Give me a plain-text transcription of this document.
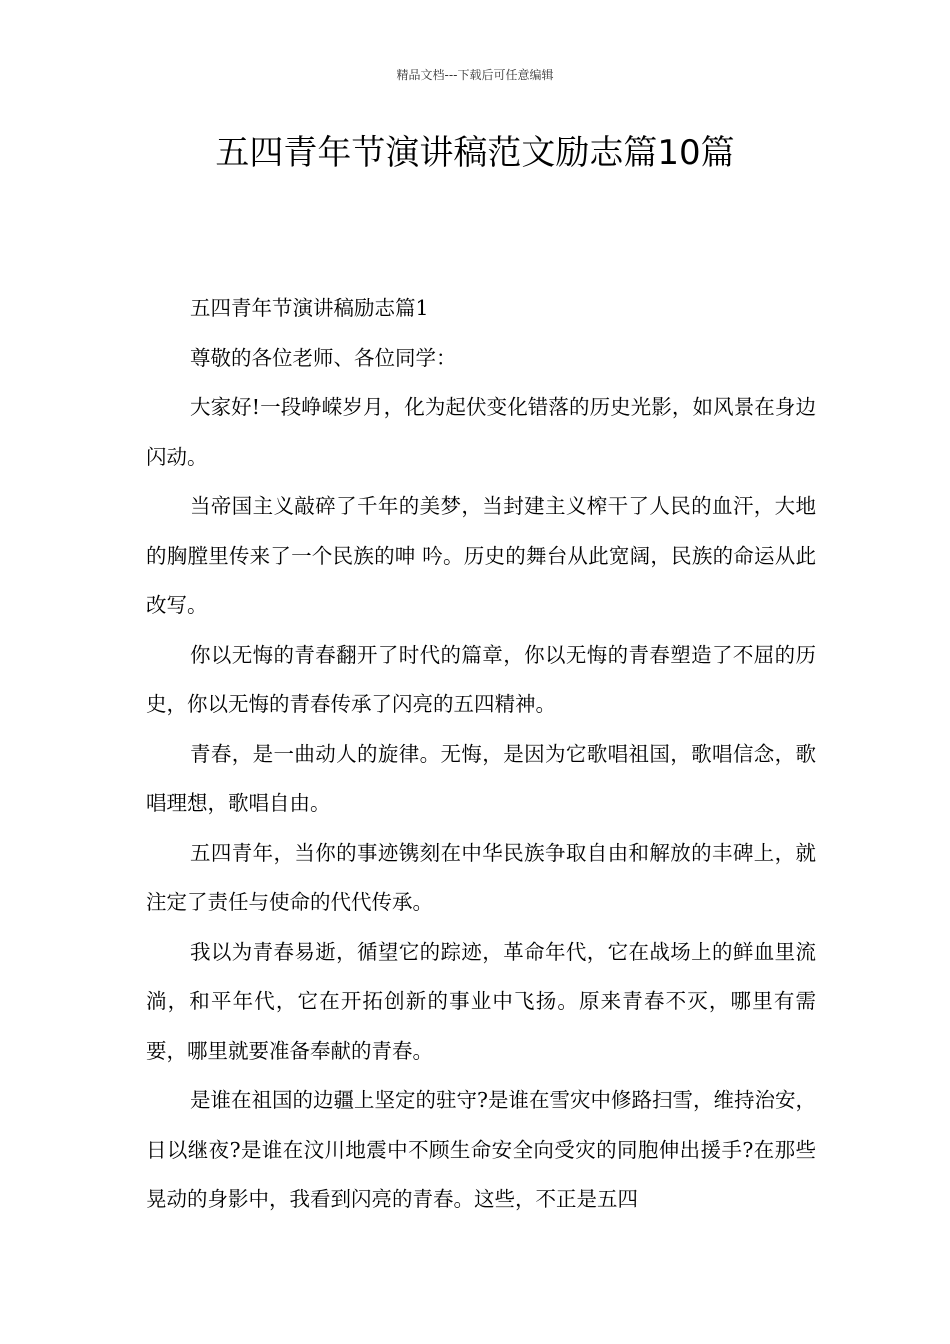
精品文档---下载后可任意编辑
五四青年节演讲稿范文励志篇10篇

五四青年节演讲稿励志篇1

尊敬的各位老师、各位同学：

大家好!一段峥嵘岁月，化为起伏变化错落的历史光影，如风景在身边闪动。

当帝国主义敲碎了千年的美梦，当封建主义榨干了人民的血汗，大地的胸膛里传来了一个民族的呻 吟。历史的舞台从此宽阔，民族的命运从此改写。

你以无悔的青春翻开了时代的篇章，你以无悔的青春塑造了不屈的历史，你以无悔的青春传承了闪亮的五四精神。

青春，是一曲动人的旋律。无悔，是因为它歌唱祖国，歌唱信念，歌唱理想，歌唱自由。

五四青年，当你的事迹镌刻在中华民族争取自由和解放的丰碑上，就注定了责任与使命的代代传承。

我以为青春易逝，循望它的踪迹，革命年代，它在战场上的鲜血里流淌，和平年代，它在开拓创新的事业中飞扬。原来青春不灭，哪里有需要，哪里就要准备奉献的青春。

是谁在祖国的边疆上坚定的驻守?是谁在雪灾中修路扫雪，维持治安，日以继夜?是谁在汶川地震中不顾生命安全向受灾的同胞伸出援手?在那些晃动的身影中，我看到闪亮的青春。这些，不正是五四
